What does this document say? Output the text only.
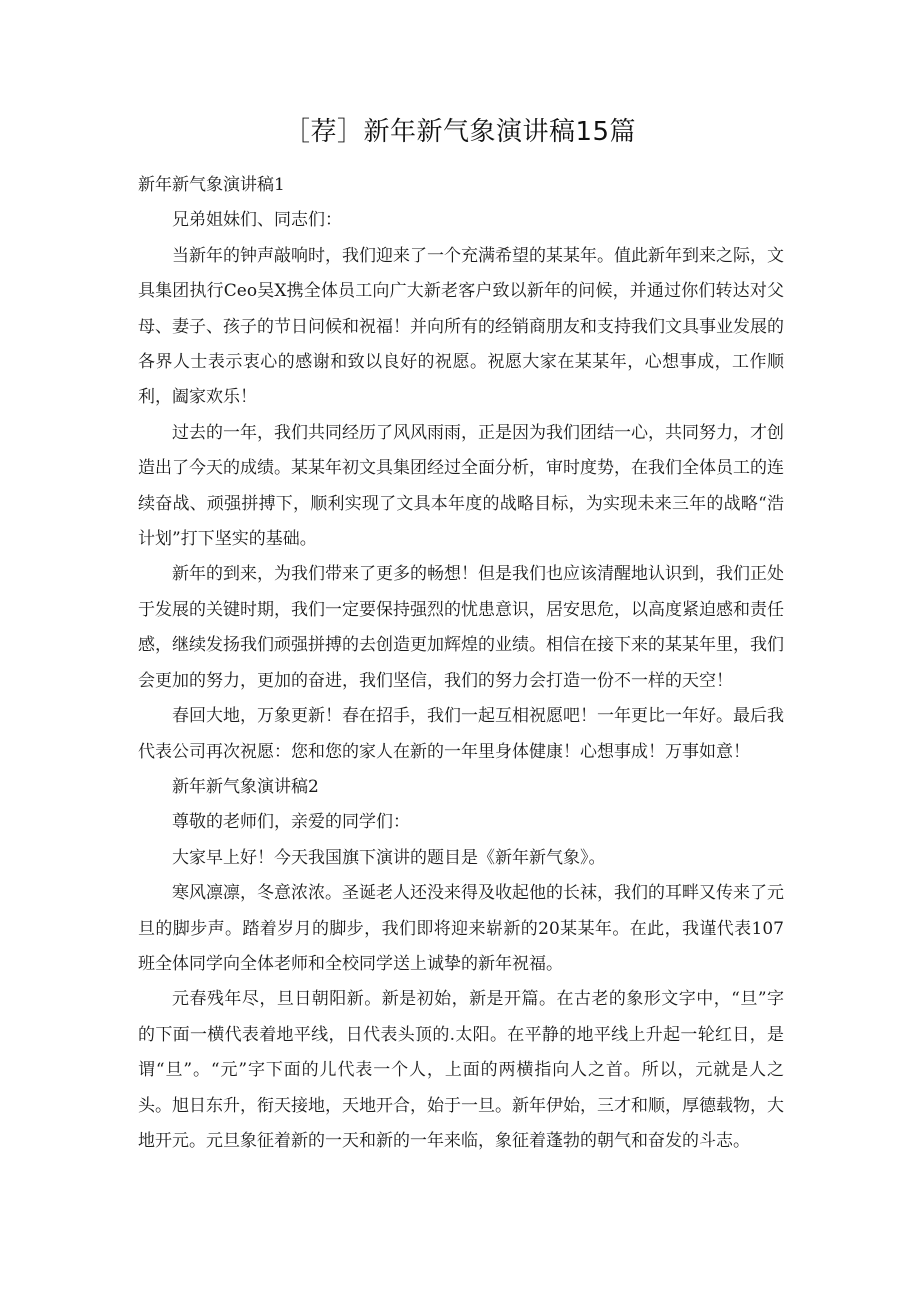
［荐］新年新气象演讲稿15篇

新年新气象演讲稿1

兄弟姐妹们、同志们：

当新年的钟声敲响时，我们迎来了一个充满希望的某某年。值此新年到来之际，文具集团执行Ceo吴X携全体员工向广大新老客户致以新年的问候，并通过你们转达对父母、妻子、孩子的节日问候和祝福！并向所有的经销商朋友和支持我们文具事业发展的各界人士表示衷心的感谢和致以良好的祝愿。祝愿大家在某某年，心想事成，工作顺利，阖家欢乐！

过去的一年，我们共同经历了风风雨雨，正是因为我们团结一心，共同努力，才创造出了今天的成绩。某某年初文具集团经过全面分析，审时度势，在我们全体员工的连续奋战、顽强拼搏下，顺利实现了文具本年度的战略目标，为实现未来三年的战略“浩计划”打下坚实的基础。

新年的到来，为我们带来了更多的畅想！但是我们也应该清醒地认识到，我们正处于发展的关键时期，我们一定要保持强烈的忧患意识，居安思危，以高度紧迫感和责任感，继续发扬我们顽强拼搏的去创造更加辉煌的业绩。相信在接下来的某某年里，我们会更加的努力，更加的奋进，我们坚信，我们的努力会打造一份不一样的天空！

春回大地，万象更新！春在招手，我们一起互相祝愿吧！一年更比一年好。最后我代表公司再次祝愿：您和您的家人在新的一年里身体健康！心想事成！万事如意！

新年新气象演讲稿2

尊敬的老师们，亲爱的同学们：

大家早上好！今天我国旗下演讲的题目是《新年新气象》。

寒风凛凛，冬意浓浓。圣诞老人还没来得及收起他的长袜，我们的耳畔又传来了元旦的脚步声。踏着岁月的脚步，我们即将迎来崭新的20某某年。在此，我谨代表107班全体同学向全体老师和全校同学送上诚挚的新年祝福。

元春残年尽，旦日朝阳新。新是初始，新是开篇。在古老的象形文字中，“旦”字的下面一横代表着地平线，日代表头顶的.太阳。在平静的地平线上升起一轮红日，是谓“旦”。“元”字下面的儿代表一个人，上面的两横指向人之首。所以，元就是人之头。旭日东升，衔天接地，天地开合，始于一旦。新年伊始，三才和顺，厚德载物，大地开元。元旦象征着新的一天和新的一年来临，象征着蓬勃的朝气和奋发的斗志。
